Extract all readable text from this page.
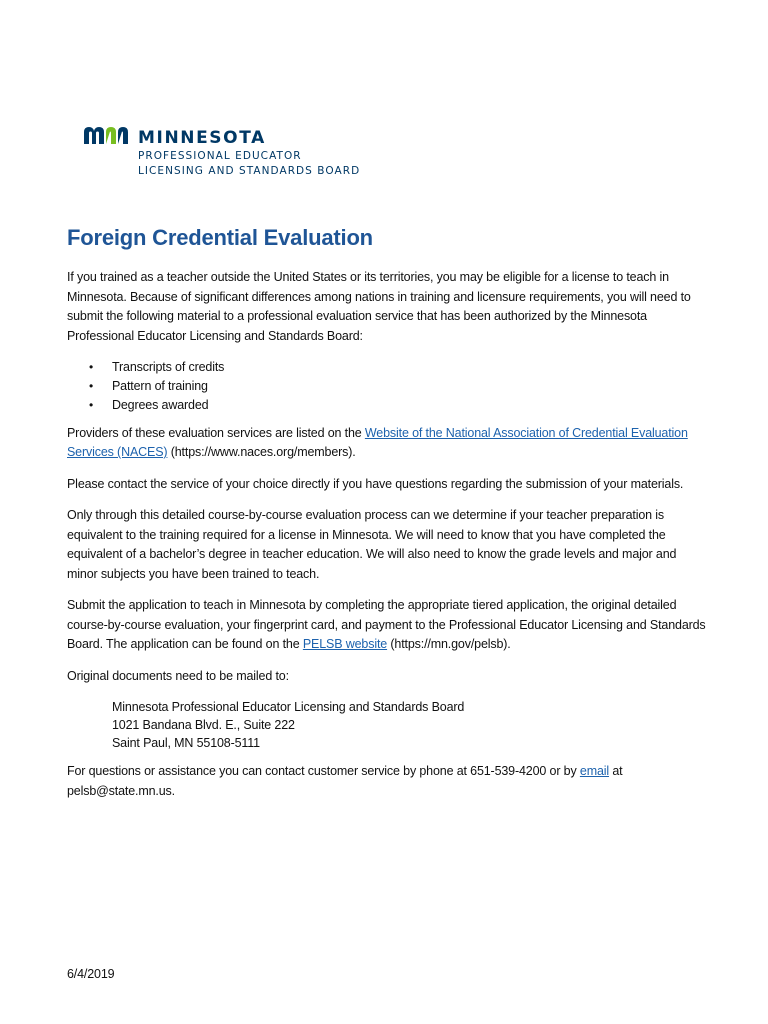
MINNESOTA
PROFESSIONAL EDUCATOR
LICENSING AND STANDARDS BOARD
Foreign Credential Evaluation

If you trained as a teacher outside the United States or its territories, you may be eligible for a license to teach in Minnesota. Because of significant differences among nations in training and licensure requirements, you will need to submit the following material to a professional evaluation service that has been authorized by the Minnesota Professional Educator Licensing and Standards Board:

• Transcripts of credits
• Pattern of training
• Degrees awarded

Providers of these evaluation services are listed on the Website of the National Association of Credential Evaluation Services (NACES) (https://www.naces.org/members).

Please contact the service of your choice directly if you have questions regarding the submission of your materials.

Only through this detailed course-by-course evaluation process can we determine if your teacher preparation is equivalent to the training required for a license in Minnesota. We will need to know that you have completed the equivalent of a bachelor’s degree in teacher education. We will also need to know the grade levels and major and minor subjects you have been trained to teach.

Submit the application to teach in Minnesota by completing the appropriate tiered application, the original detailed course-by-course evaluation, your fingerprint card, and payment to the Professional Educator Licensing and Standards Board. The application can be found on the PELSB website (https://mn.gov/pelsb).

Original documents need to be mailed to:

Minnesota Professional Educator Licensing and Standards Board
1021 Bandana Blvd. E., Suite 222
Saint Paul, MN 55108-5111

For questions or assistance you can contact customer service by phone at 651-539-4200 or by email at pelsb@state.mn.us.

6/4/2019
